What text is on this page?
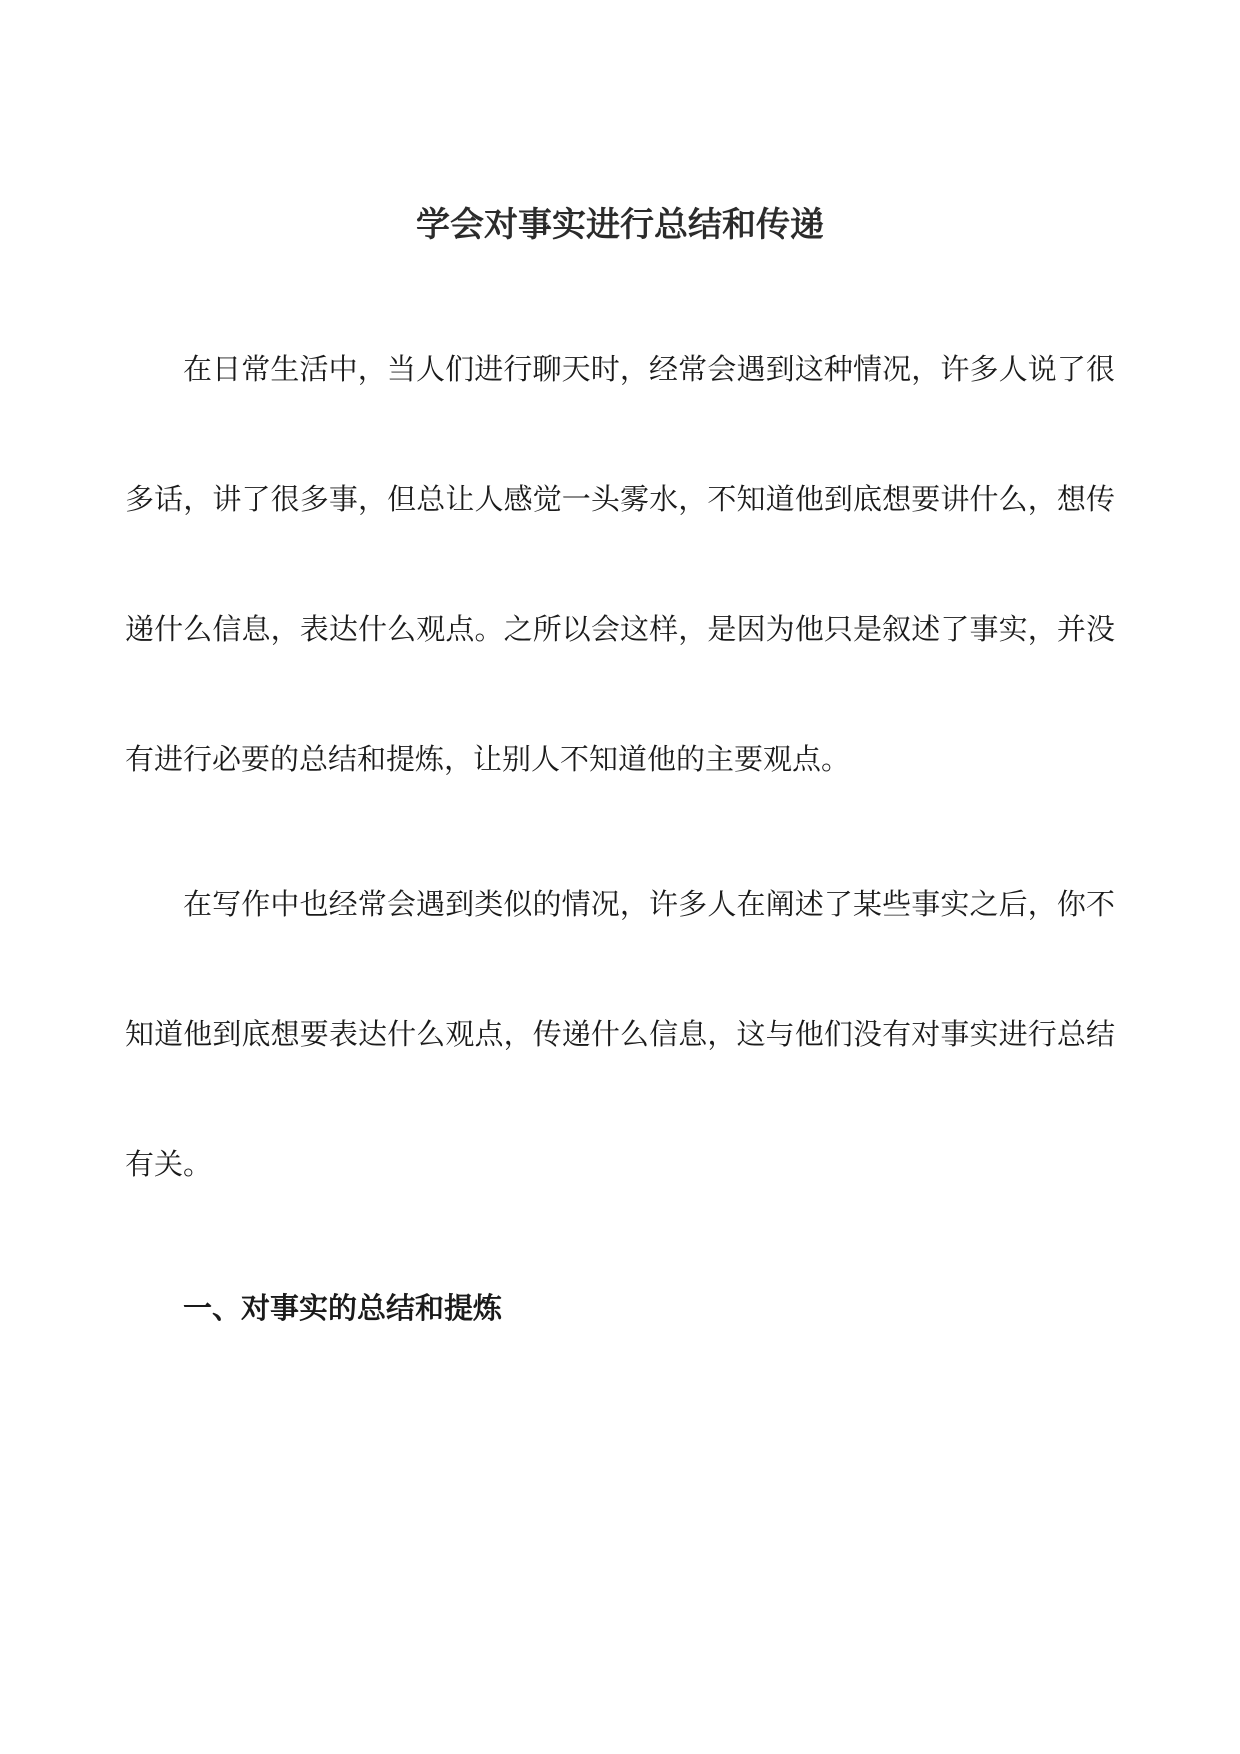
学会对事实进行总结和传递

在日常生活中，当人们进行聊天时，经常会遇到这种情况，许多人说了很多话，讲了很多事，但总让人感觉一头雾水，不知道他到底想要讲什么，想传递什么信息，表达什么观点。之所以会这样，是因为他只是叙述了事实，并没有进行必要的总结和提炼，让别人不知道他的主要观点。

在写作中也经常会遇到类似的情况，许多人在阐述了某些事实之后，你不知道他到底想要表达什么观点，传递什么信息，这与他们没有对事实进行总结有关。

一、对事实的总结和提炼
